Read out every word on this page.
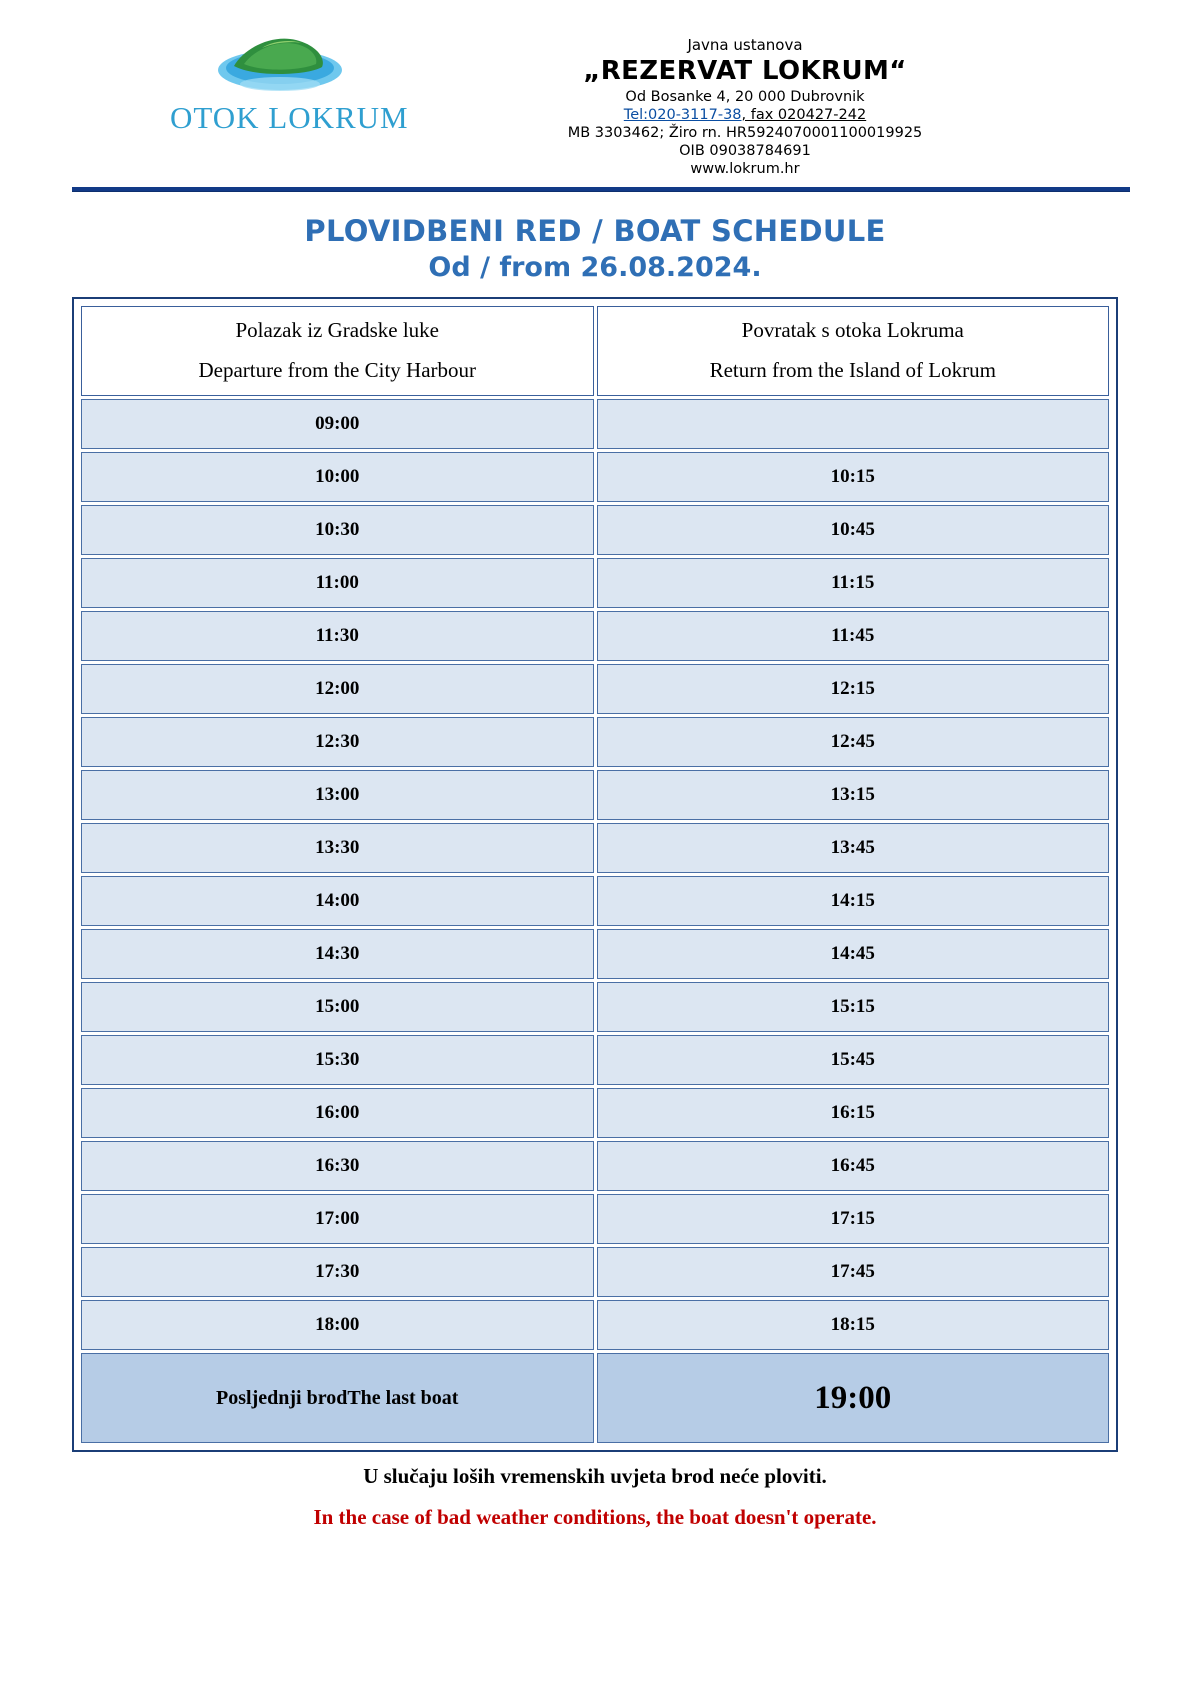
OTOK LOKRUM
Javna ustanova
„REZERVAT LOKRUM“
Od Bosanke 4, 20 000 Dubrovnik
Tel:020-3117-38, fax 020427-242
MB 3303462; Žiro rn. HR5924070001100019925
OIB 09038784691
www.lokrum.hr
PLOVIDBENI RED / BOAT SCHEDULE
Od / from 26.08.2024.
Polazak iz Gradske luke
Departure from the City Harbour	Povratak s otoka Lokruma
Return from the Island of Lokrum

09:00	
10:00	10:15
10:30	10:45
11:00	11:15
11:30	11:45
12:00	12:15
12:30	12:45
13:00	13:15
13:30	13:45
14:00	14:15
14:30	14:45
15:00	15:15
15:30	15:45
16:00	16:15
16:30	16:45
17:00	17:15
17:30	17:45
18:00	18:15
Posljednji brodThe last boat	19:00
U slučaju loših vremenskih uvjeta brod neće ploviti.
In the case of bad weather conditions, the boat doesn't operate.
